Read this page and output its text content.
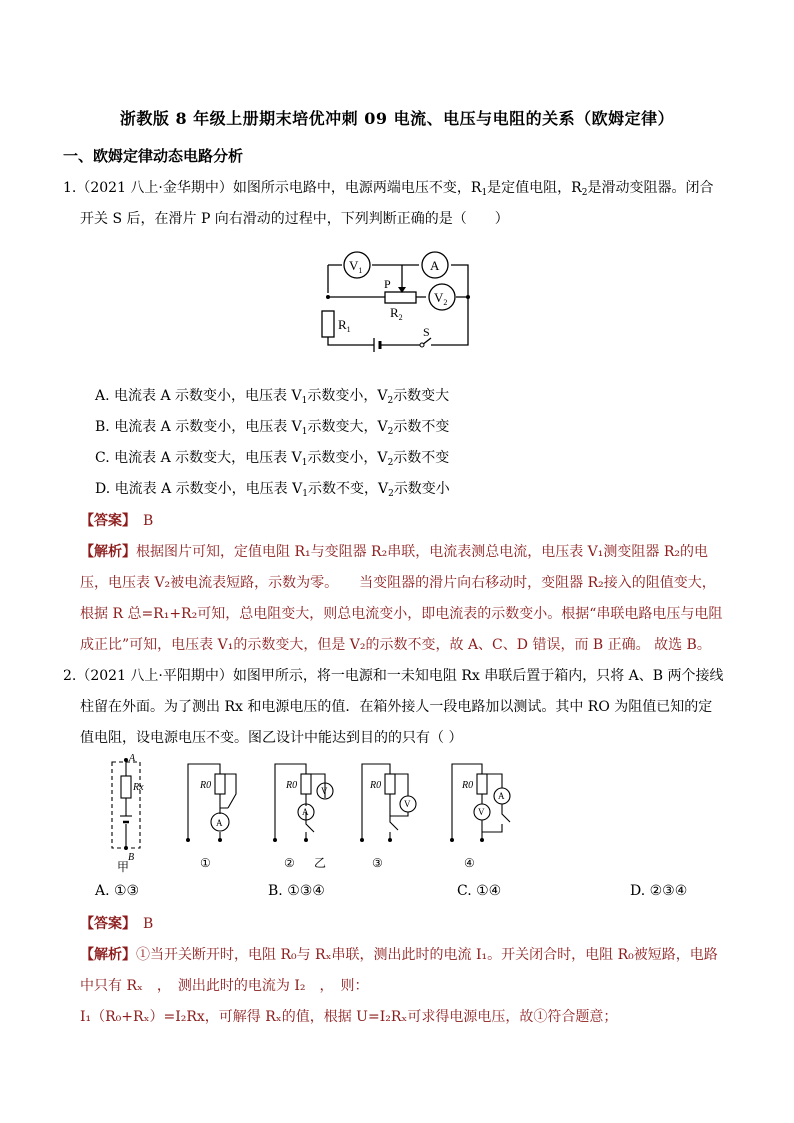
浙教版 8 年级上册期末培优冲刺 09 电流、电压与电阻的关系（欧姆定律）
一、欧姆定律动态电路分析
1.（2021 八上·金华期中）如图所示电路中，电源两端电压不变，$R_1$是定值电阻，$R_2$是滑动变阻器。闭合
开关 S 后，在滑片 P 向右滑动的过程中，下列判断正确的是（　　）
$V_1$	A
P
$R_2$
$V_2$
$R_1$	S
A. 电流表 A 示数变小，电压表 $V_1$示数变小，$V_2$示数变大
B. 电流表 A 示数变小，电压表 $V_1$示数变大，$V_2$示数不变
C. 电流表 A 示数变大，电压表 $V_1$示数变小，$V_2$示数不变
D. 电流表 A 示数变小，电压表 $V_1$示数不变，$V_2$示数变小
【答案】　 B
【解析】根据图片可知，定值电阻 R₁与变阻器 R₂串联，电流表测总电流，电压表 V₁测变阻器 R₂的电
压，电压表 V₂被电流表短路，示数为零。　　当变阻器的滑片向右移动时，变阻器 R₂接入的阻值变大，
根据 R 总=R₁+R₂可知，总电阻变大，则总电流变小，即电流表的示数变小。根据“串联电路电压与电阻
成正比”可知，电压表 V₁的示数变大，但是 V₂的示数不变，故 A、C、D 错误，而 B 正确。 故选 B。
2.（2021 八上·平阳期中）如图甲所示，将一电源和一未知电阻 Rx 串联后置于箱内，只将 A、B 两个接线
柱留在外面。为了测出 Rx 和电源电压的值．在箱外接人一段电路加以测试。其中 RO 为阻值已知的定
值电阻，设电源电压不变。图乙设计中能达到目的的只有（ ）
A
B
Rx	R0	R0	R0	R0
A
V
A
V
V
A
甲	①	② 乙	③	④
A. ①③	B. ①③④	C. ①④	D. ②③④
【答案】　 B
【解析】①当开关断开时，电阻 R₀与 Rₓ串联，测出此时的电流 I₁。开关闭合时，电阻 R₀被短路，电路
中只有 Rₓ　，　测出此时的电流为 I₂　，　则：
I₁（R₀+Rₓ）=I₂Rx，可解得 Rₓ的值，根据 U=I₂Rₓ可求得电源电压，故①符合题意；
